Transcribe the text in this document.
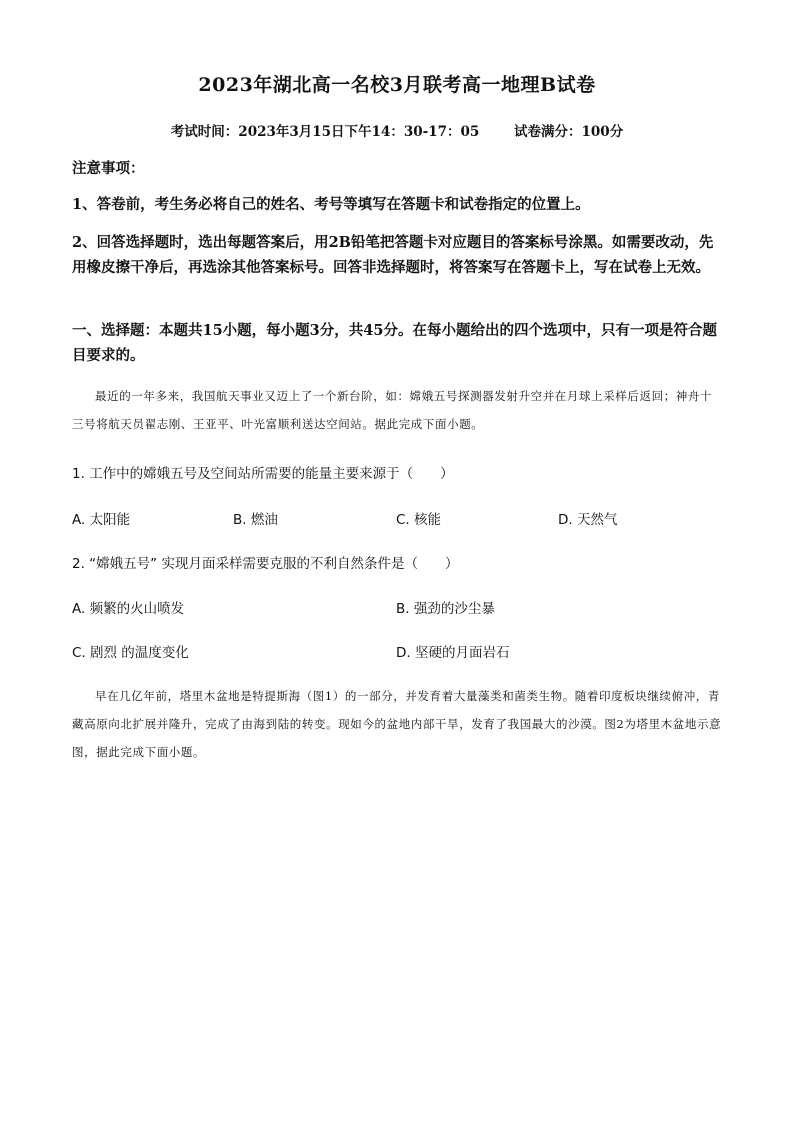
2023年湖北高一名校3月联考高一地理B试卷
考试时间：2023年3月15日下午14：30-17：05	试卷满分：100分
注意事项：
1、答卷前，考生务必将自己的姓名、考号等填写在答题卡和试卷指定的位置上。
2、回答选择题时，选出每题答案后，用2B铅笔把答题卡对应题目的答案标号涂黑。如需要改动，先用橡皮擦干净后，再选涂其他答案标号。回答非选择题时，将答案写在答题卡上，写在试卷上无效。
一、选择题：本题共15小题，每小题3分，共45分。在每小题给出的四个选项中，只有一项是符合题目要求的。
最近的一年多来，我国航天事业又迈上了一个新台阶，如：嫦娥五号探测器发射升空并在月球上采样后返回；神舟十三号将航天员翟志刚、王亚平、叶光富顺利送达空间站。据此完成下面小题。
1. 工作中的嫦娥五号及空间站所需要的能量主要来源于（　　）
A. 太阳能	B. 燃油	C. 核能	D. 天然气
2. “嫦娥五号” 实现月面采样需要克服的不利自然条件是（　　）
A. 频繁的火山喷发	B. 强劲的沙尘暴
C. 剧烈 的温度变化	D. 坚硬的月面岩石
早在几亿年前，塔里木盆地是特提斯海（图1）的一部分，并发育着大量藻类和菌类生物。随着印度板块继续俯冲，青藏高原向北扩展并隆升，完成了由海到陆的转变。现如今的盆地内部干旱，发育了我国最大的沙漠。图2为塔里木盆地示意图，据此完成下面小题。
